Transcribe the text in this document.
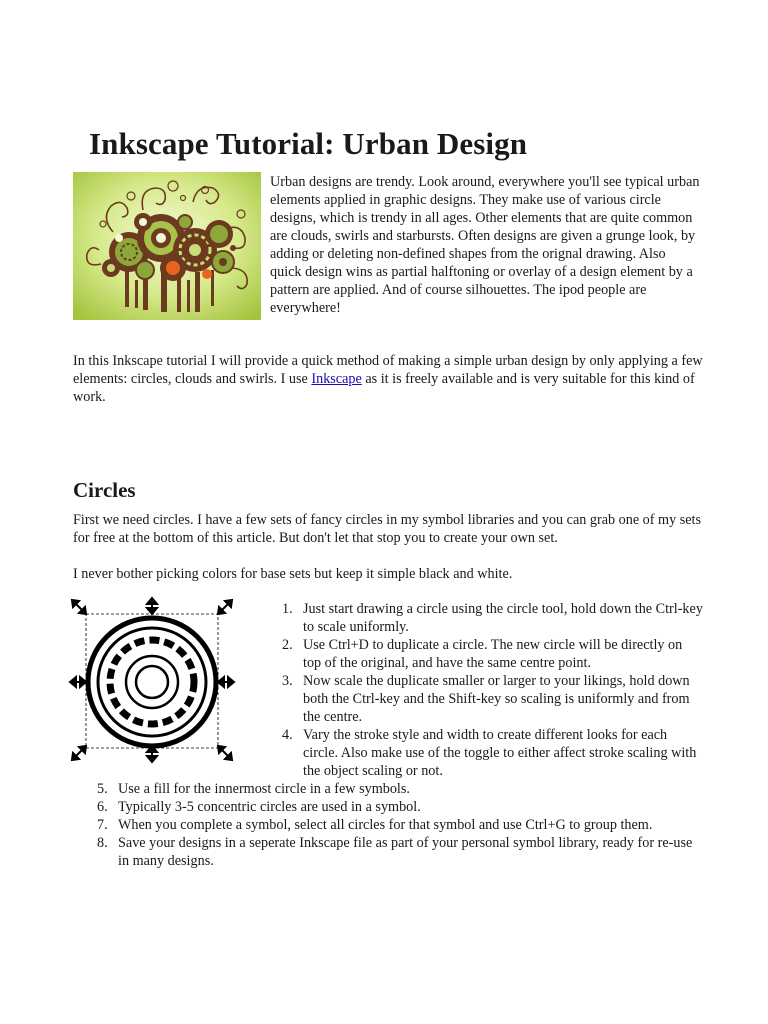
Inkscape Tutorial: Urban Design

Urban designs are trendy. Look around, everywhere you'll see typical urban elements applied in graphic designs. They make use of various circle designs, which is trendy in all ages. Other elements that are quite common are clouds, swirls and starbursts. Often designs are given a grunge look, by adding or deleting non-defined shapes from the orignal drawing. Also quick design wins as partial halftoning or overlay of a design element by a pattern are applied. And of course silhouettes. The ipod people are everywhere!

In this Inkscape tutorial I will provide a quick method of making a simple urban design by only applying a few elements: circles, clouds and swirls. I use Inkscape as it is freely available and is very suitable for this kind of work.

Circles

First we need circles. I have a few sets of fancy circles in my symbol libraries and you can grab one of my sets for free at the bottom of this article. But don't let that stop you to create your own set.

I never bother picking colors for base sets but keep it simple black and white.

1. Just start drawing a circle using the circle tool, hold down the Ctrl-key to scale uniformly.
2. Use Ctrl+D to duplicate a circle. The new circle will be directly on top of the original, and have the same centre point.
3. Now scale the duplicate smaller or larger to your likings, hold down both the Ctrl-key and the Shift-key so scaling is uniformly and from the centre.
4. Vary the stroke style and width to create different looks for each circle. Also make use of the toggle to either affect stroke scaling with the object scaling or not.
5. Use a fill for the innermost circle in a few symbols.
6. Typically 3-5 concentric circles are used in a symbol.
7. When you complete a symbol, select all circles for that symbol and use Ctrl+G to group them.
8. Save your designs in a seperate Inkscape file as part of your personal symbol library, ready for re-use in many designs.
